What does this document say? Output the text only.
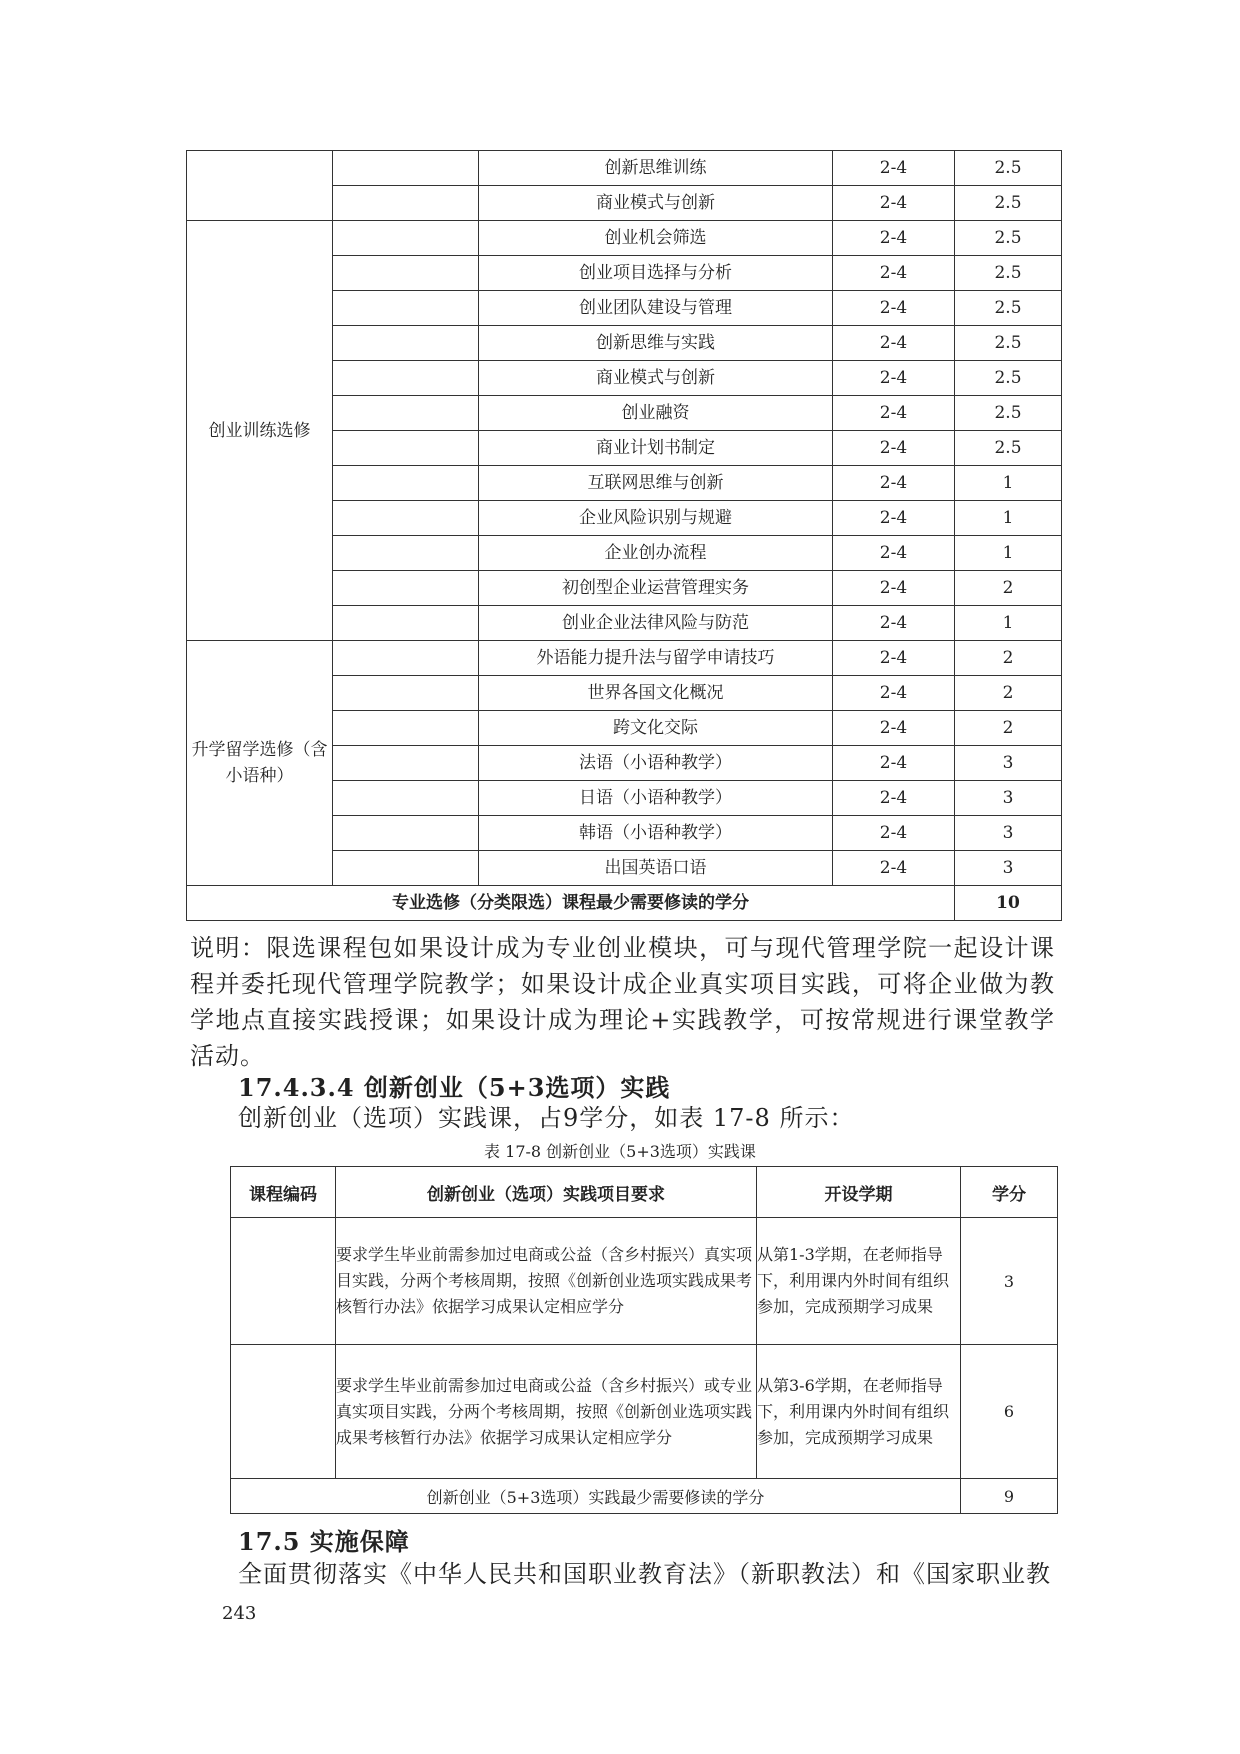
		创新思维训练	2-4	2.5
		商业模式与创新	2-4	2.5
创业训练选修		创业机会筛选	2-4	2.5
		创业项目选择与分析	2-4	2.5
		创业团队建设与管理	2-4	2.5
		创新思维与实践	2-4	2.5
		商业模式与创新	2-4	2.5
		创业融资	2-4	2.5
		商业计划书制定	2-4	2.5
		互联网思维与创新	2-4	1
		企业风险识别与规避	2-4	1
		企业创办流程	2-4	1
		初创型企业运营管理实务	2-4	2
		创业企业法律风险与防范	2-4	1
升学留学选修（含小语种）		外语能力提升法与留学申请技巧	2-4	2
		世界各国文化概况	2-4	2
		跨文化交际	2-4	2
		法语（小语种教学）	2-4	3
		日语（小语种教学）	2-4	3
		韩语（小语种教学）	2-4	3
		出国英语口语	2-4	3
专业选修（分类限选）课程最少需要修读的学分				10
说明：限选课程包如果设计成为专业创业模块，可与现代管理学院一起设计课程并委托现代管理学院教学；如果设计成企业真实项目实践，可将企业做为教学地点直接实践授课；如果设计成为理论+实践教学，可按常规进行课堂教学活动。
17.4.3.4 创新创业（5+3选项）实践
创新创业（选项）实践课，占9学分，如表 17-8 所示：
表 17-8 创新创业（5+3选项）实践课
课程编码	创新创业（选项）实践项目要求	开设学期	学分
	要求学生毕业前需参加过电商或公益（含乡村振兴）真实项目实践，分两个考核周期，按照《创新创业选项实践成果考核暂行办法》依据学习成果认定相应学分	从第1-3学期，在老师指导下，利用课内外时间有组织参加，完成预期学习成果	3
	要求学生毕业前需参加过电商或公益（含乡村振兴）或专业真实项目实践，分两个考核周期，按照《创新创业选项实践成果考核暂行办法》依据学习成果认定相应学分	从第3-6学期，在老师指导下，利用课内外时间有组织参加，完成预期学习成果	6
创新创业（5+3选项）实践最少需要修读的学分			9
17.5 实施保障
全面贯彻落实《中华人民共和国职业教育法》（新职教法）和《国家职业教
243
